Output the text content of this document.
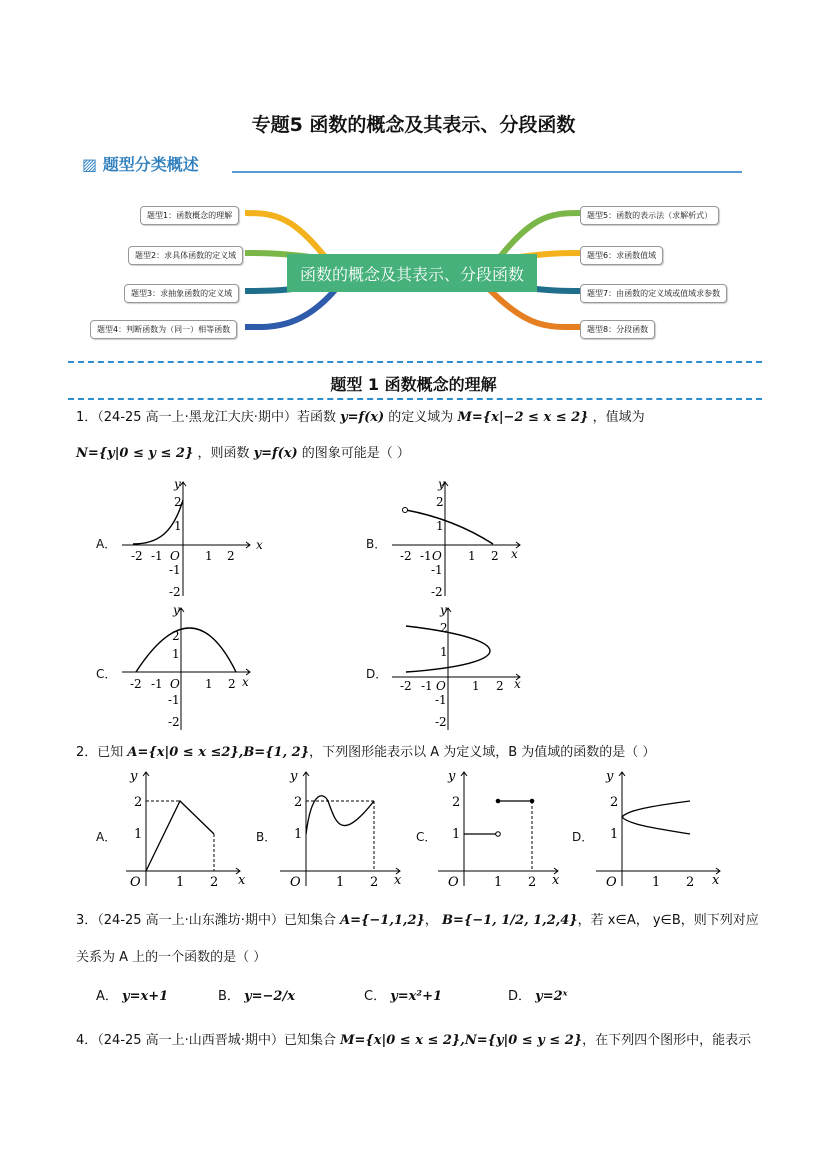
专题5 函数的概念及其表示、分段函数
▨ 题型分类概述
函数的概念及其表示、分段函数
题型1：函数概念的理解
题型2：求具体函数的定义域
题型3：求抽象函数的定义域
题型4：判断函数为（同一）相等函数
题型5：函数的表示法（求解析式）
题型6：求函数值域
题型7：由函数的定义域或值域求参数
题型8：分段函数
题型 1 函数概念的理解
1．（24-25 高一上·黑龙江大庆·期中）若函数 y=f(x) 的定义域为 M={x|−2 ≤ x ≤ 2} ，值域为
N={y|0 ≤ y ≤ 2} ，则函数 y=f(x) 的图象可能是（ ）
A．	B．
C．	D．
x
y
O
-2 -1	1 2
2
1
-1
-2
x
y
O
-2 -1	1 2
2
1
-1
-2
x
y
O
-2 -1	1 2
2
1
-1
-2
x
y
O
-2 -1	1 2
2
1
-1
-2
2．已知 A={x|0 ≤ x ≤2},B={1, 2}，下列图形能表示以 A 为定义域，B 为值域的函数的是（ ）
A．	B．	C．	D．
x
y
O	1 2
2
1
x
y
O	1 2
2
1
x
y
O	1 2
2
1
x
y
O	1 2
2
1
3．（24-25 高一上·山东潍坊·期中）已知集合 A={−1,1,2}， B={−1, 1/2, 1,2,4}，若 x∈A， y∈B，则下列对应
关系为 A 上的一个函数的是（ ）
A． y=x+1	B． y=−2/x	C． y=x²+1	D． y=2ˣ
4．（24-25 高一上·山西晋城·期中）已知集合 M={x|0 ≤ x ≤ 2},N={y|0 ≤ y ≤ 2}，在下列四个图形中，能表示
